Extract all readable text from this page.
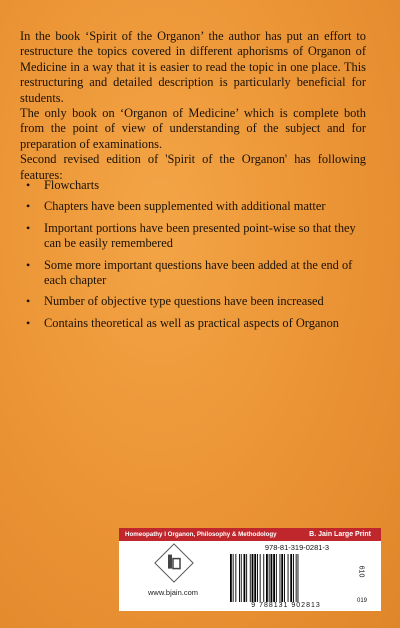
In the book ‘Spirit of the Organon’ the author has put an effort to restructure the topics covered in different aphorisms of Organon of Medicine in a way that it is easier to read the topic in one place. This restructuring and detailed description is particularly beneficial for students.

The only book on ‘Organon of Medicine’ which is complete both from the point of view of understanding of the subject and for preparation of examinations.

Second revised edition of 'Spirit of the Organon' has following features:

• Flowcharts
• Chapters have been supplemented with additional matter
• Important portions have been presented point-wise so that they can be easily remembered
• Some more important questions have been added at the end of each chapter
• Number of objective type questions have been increased
• Contains theoretical as well as practical aspects of Organon
Homeopathy I Organon, Philosophy & Methodology	B. Jain Large Print
www.bjain.com
978-81-319-0281-3
9 788131 902813
610
019
